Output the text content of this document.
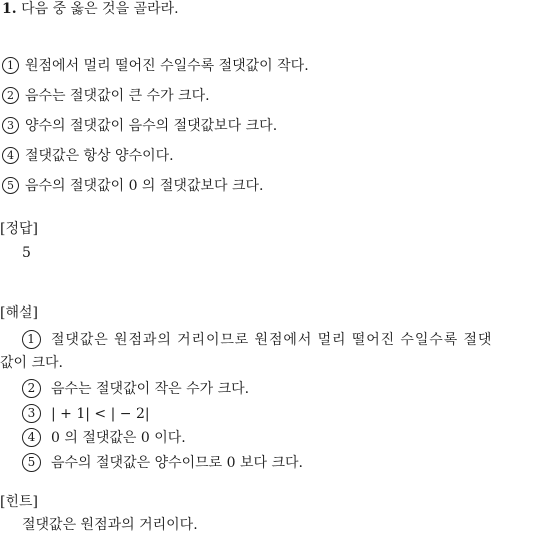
1. 다음 중 옳은 것을 골라라.
1 원점에서 멀리 떨어진 수일수록 절댓값이 작다.
2 음수는 절댓값이 큰 수가 크다.
3 양수의 절댓값이 음수의 절댓값보다 크다.
4 절댓값은 항상 양수이다.
5 음수의 절댓값이 0 의 절댓값보다 크다.
[정답]
5
[해설]
1 절댓값은 원점과의 거리이므로 원점에서 멀리 떨어진 수일수록 절댓
값이 크다.
2 음수는 절댓값이 작은 수가 크다.
3 | + 1| < | − 2|
4 0 의 절댓값은 0 이다.
5 음수의 절댓값은 양수이므로 0 보다 크다.
[힌트]
절댓값은 원점과의 거리이다.
